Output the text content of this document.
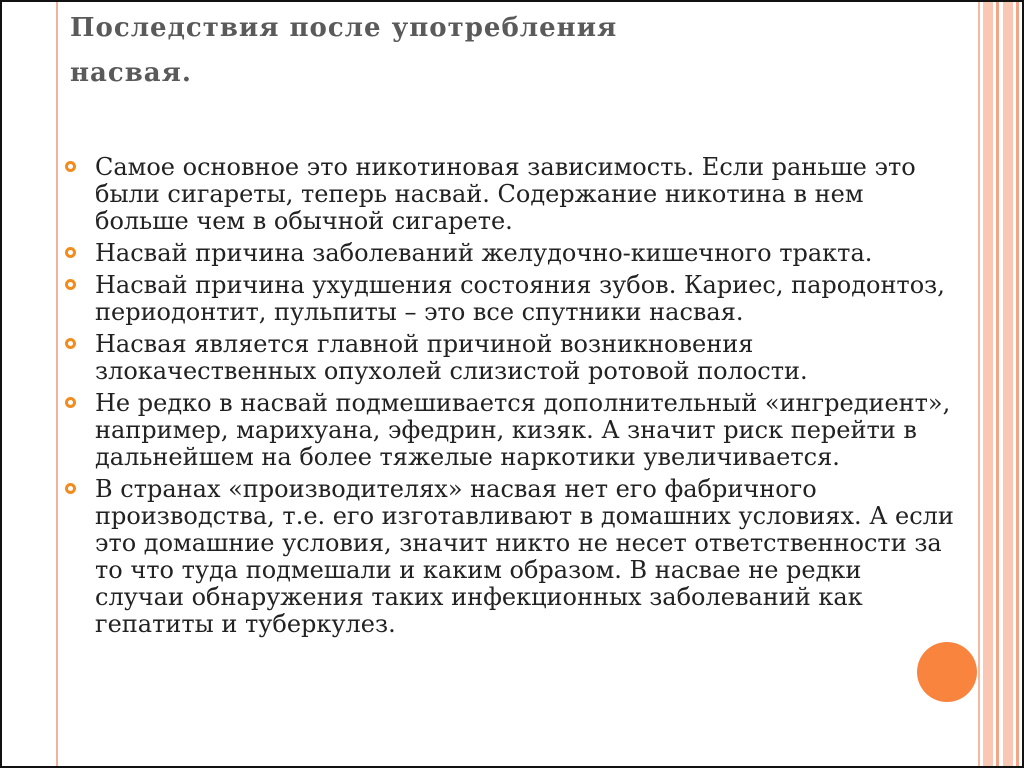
Последствия после употребления
насвая.
Самое основное это никотиновая зависимость. Если раньше это были сигареты, теперь насвай. Содержание никотина в нем больше чем в обычной сигарете.
Насвай причина заболеваний желудочно-кишечного тракта.
Насвай причина ухудшения состояния зубов. Кариес, пародонтоз, периодонтит, пульпиты – это все спутники насвая.
Насвая является главной причиной возникновения злокачественных опухолей слизистой ротовой полости.
Не редко в насвай подмешивается дополнительный «ингредиент», например, марихуана, эфедрин, кизяк. А значит риск перейти в дальнейшем на более тяжелые наркотики увеличивается.
В странах «производителях» насвая нет его фабричного производства, т.е. его изготавливают в домашних условиях. А если это домашние условия, значит никто не несет ответственности за то что туда подмешали и каким образом. В насвае не редки случаи обнаружения таких инфекционных заболеваний как гепатиты и туберкулез.
